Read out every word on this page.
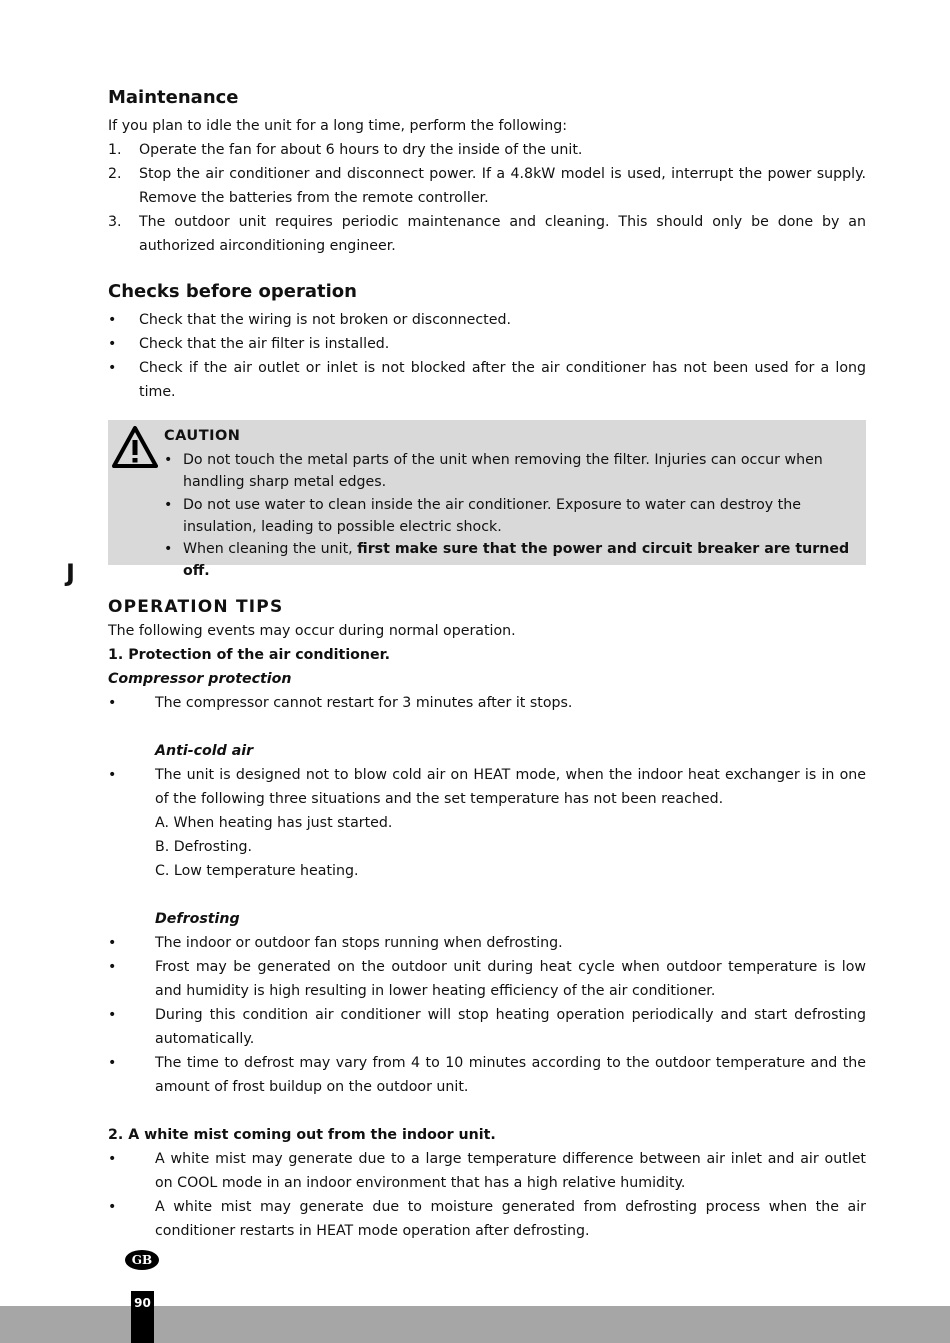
Maintenance

If you plan to idle the unit for a long time, perform the following:

1. Operate the fan for about 6 hours to dry the inside of the unit.
2. Stop the air conditioner and disconnect power. If a 4.8kW model is used, interrupt the power supply. Remove the batteries from the remote controller.
3. The outdoor unit requires periodic maintenance and cleaning. This should only be done by an authorized airconditioning engineer.
Checks before operation
• Check that the wiring is not broken or disconnected.
• Check that the air filter is installed.
• Check if the air outlet or inlet is not blocked after the air conditioner has not been used for a long time.
CAUTION
• Do not touch the metal parts of the unit when removing the filter. Injuries can occur when handling sharp metal edges.
• Do not use water to clean inside the air conditioner. Exposure to water can destroy the insulation, leading to possible electric shock.
• When cleaning the unit, first make sure that the power and circuit breaker are turned off.
OPERATION TIPS

The following events may occur during normal operation.

1. Protection of the air conditioner.

Compressor protection

•	The compressor cannot restart for 3 minutes after it stops.
Anti-cold air
•	The unit is designed not to blow cold air on HEAT mode, when the indoor heat exchanger is in one of the following three situations and the set temperature has not been reached.

A. When heating has just started.

B. Defrosting.

C. Low temperature heating.

Defrosting
•	The indoor or outdoor fan stops running when defrosting.
•	Frost may be generated on the outdoor unit during heat cycle when outdoor temperature is low and humidity is high resulting in lower heating efficiency of the air conditioner.
•	During this condition air conditioner will stop heating operation periodically and start defrosting automatically.
•	The time to defrost may vary from 4 to 10 minutes according to the outdoor temperature and the amount of frost buildup on the outdoor unit.

2. A white mist coming out from the indoor unit.

•	A white mist may generate due to a large temperature difference between air inlet and air outlet on COOL mode in an indoor environment that has a high relative humidity.
•	A white mist may generate due to moisture generated from defrosting process when the air conditioner restarts in HEAT mode operation after defrosting.
J
GB
90
